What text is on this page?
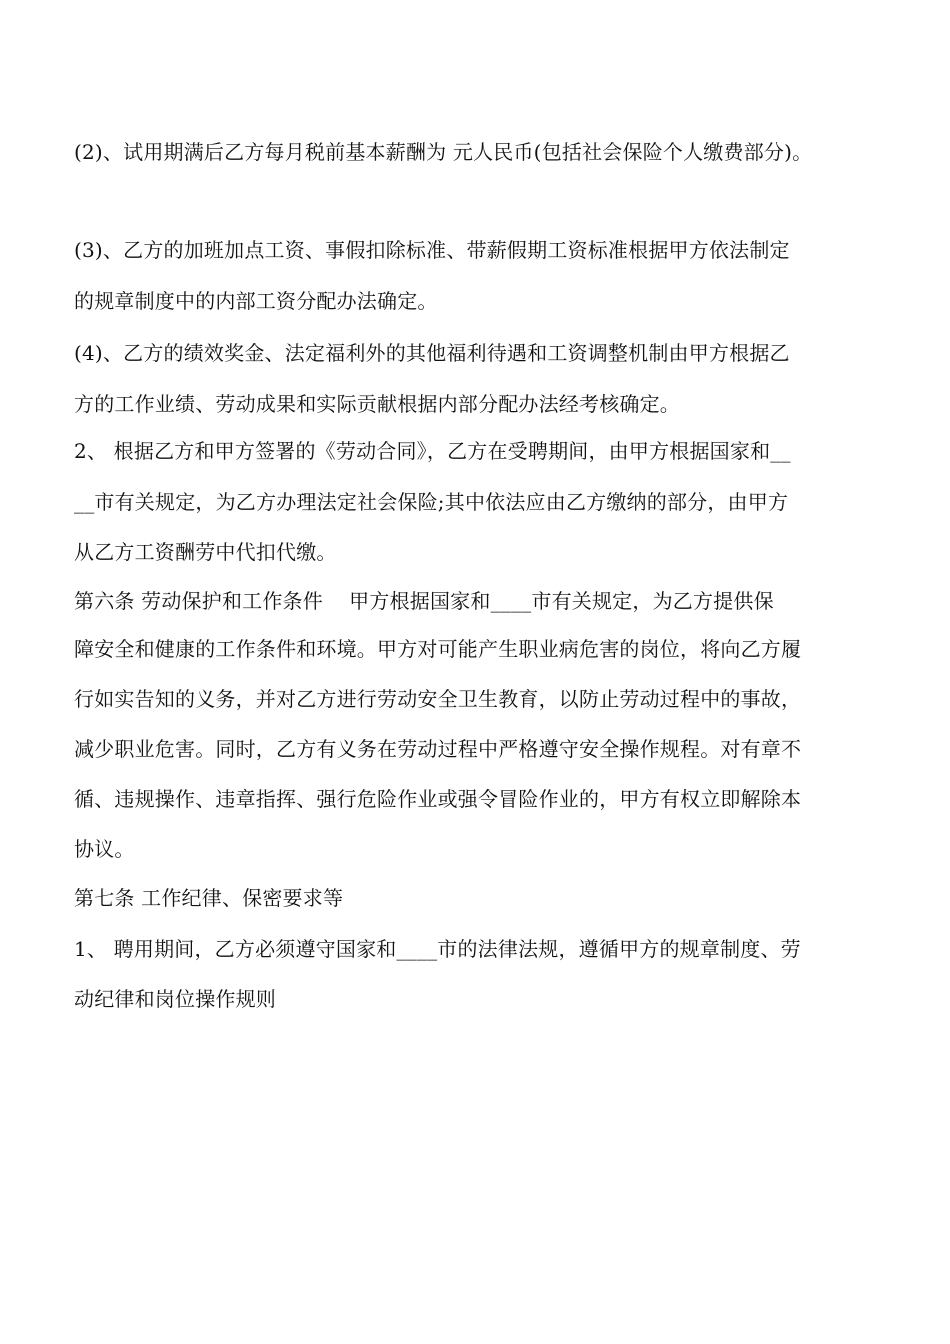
(2)、试用期满后乙方每月税前基本薪酬为 元人民币(包括社会保险个人缴费部分)。
(3)、乙方的加班加点工资、事假扣除标准、带薪假期工资标准根据甲方依法制定
的规章制度中的内部工资分配办法确定。
(4)、乙方的绩效奖金、法定福利外的其他福利待遇和工资调整机制由甲方根据乙
方的工作业绩、劳动成果和实际贡献根据内部分配办法经考核确定。
2、 根据乙方和甲方签署的《劳动合同》，乙方在受聘期间，由甲方根据国家和__
__市有关规定，为乙方办理法定社会保险;其中依法应由乙方缴纳的部分，由甲方
从乙方工资酬劳中代扣代缴。
第六条 劳动保护和工作条件    甲方根据国家和____市有关规定，为乙方提供保
障安全和健康的工作条件和环境。甲方对可能产生职业病危害的岗位，将向乙方履
行如实告知的义务，并对乙方进行劳动安全卫生教育，以防止劳动过程中的事故，
减少职业危害。同时，乙方有义务在劳动过程中严格遵守安全操作规程。对有章不
循、违规操作、违章指挥、强行危险作业或强令冒险作业的，甲方有权立即解除本
协议。
第七条 工作纪律、保密要求等
1、 聘用期间，乙方必须遵守国家和____市的法律法规，遵循甲方的规章制度、劳
动纪律和岗位操作规则
